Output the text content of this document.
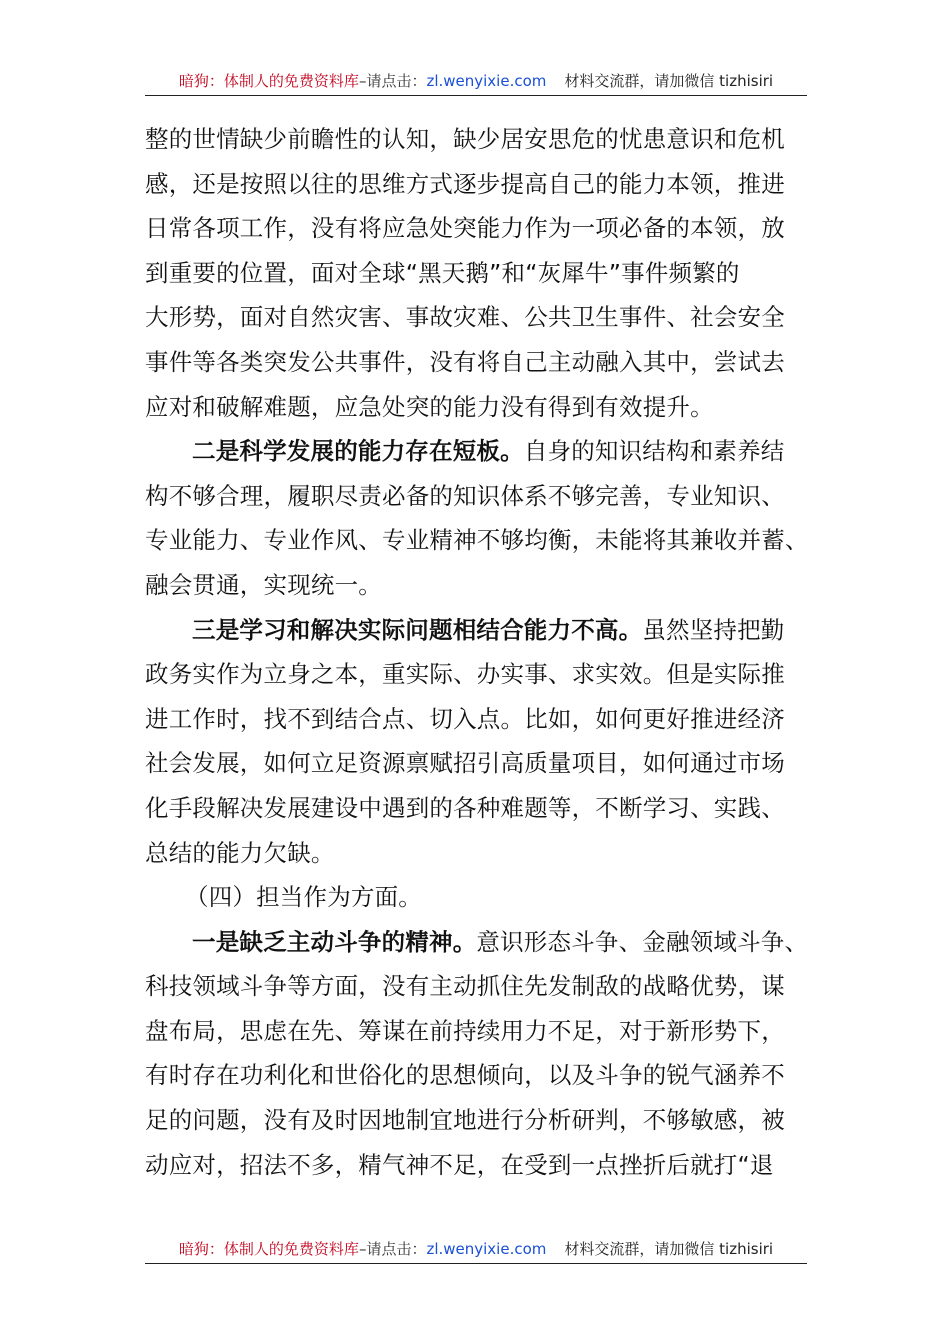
暗狗：体制人的免费资料库 –请点击： zl.wenyixie.com 材料交流群，请加微信 tizhisiri
整的世情缺少前瞻性的认知，缺少居安思危的忧患意识和危机
感，还是按照以往的思维方式逐步提高自己的能力本领，推进
日常各项工作，没有将应急处突能力作为一项必备的本领，放
到重要的位置，面对全球“黑天鹅”和“灰犀牛”事件频繁的
大形势，面对自然灾害、事故灾难、公共卫生事件、社会安全
事件等各类突发公共事件，没有将自己主动融入其中，尝试去
应对和破解难题，应急处突的能力没有得到有效提升。
二是科学发展的能力存在短板。自身的知识结构和素养结
构不够合理，履职尽责必备的知识体系不够完善，专业知识、
专业能力、专业作风、专业精神不够均衡，未能将其兼收并蓄、
融会贯通，实现统一。
三是学习和解决实际问题相结合能力不高。虽然坚持把勤
政务实作为立身之本，重实际、办实事、求实效。但是实际推
进工作时，找不到结合点、切入点。比如，如何更好推进经济
社会发展，如何立足资源禀赋招引高质量项目，如何通过市场
化手段解决发展建设中遇到的各种难题等，不断学习、实践、
总结的能力欠缺。
（四）担当作为方面。
一是缺乏主动斗争的精神。意识形态斗争、金融领域斗争、
科技领域斗争等方面，没有主动抓住先发制敌的战略优势，谋
盘布局，思虑在先、筹谋在前持续用力不足，对于新形势下，
有时存在功利化和世俗化的思想倾向，以及斗争的锐气涵养不
足的问题，没有及时因地制宜地进行分析研判，不够敏感，被
动应对，招法不多，精气神不足，在受到一点挫折后就打“退
暗狗：体制人的免费资料库 –请点击： zl.wenyixie.com 材料交流群，请加微信 tizhisiri
